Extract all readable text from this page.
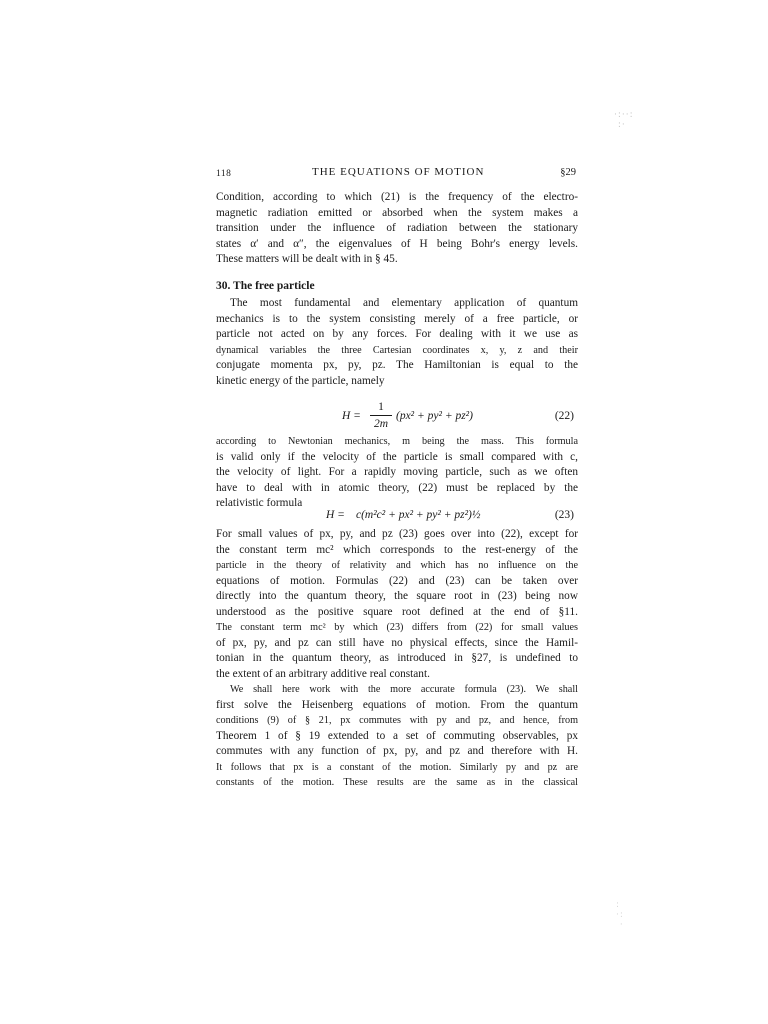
·:··:
:·
:
·:
·
118	THE EQUATIONS OF MOTION	§29
Condition, according to which (21) is the frequency of the electro-
magnetic radiation emitted or absorbed when the system makes a
transition under the influence of radiation between the stationary
states α′ and α″, the eigenvalues of H being Bohr's energy levels.
These matters will be dealt with in § 45.
30. The free particle
The most fundamental and elementary application of quantum
mechanics is to the system consisting merely of a free particle, or
particle not acted on by any forces. For dealing with it we use as
dynamical variables the three Cartesian coordinates x, y, z and their
conjugate momenta px, py, pz. The Hamiltonian is equal to the
kinetic energy of the particle, namely
H =
1
2m
(px² + py² + pz²)	(22)
according to Newtonian mechanics, m being the mass. This formula
is valid only if the velocity of the particle is small compared with c,
the velocity of light. For a rapidly moving particle, such as we often
have to deal with in atomic theory, (22) must be replaced by the
relativistic formula
H = c(m²c² + px² + py² + pz²)½	(23)
For small values of px, py, and pz (23) goes over into (22), except for
the constant term mc² which corresponds to the rest-energy of the
particle in the theory of relativity and which has no influence on the
equations of motion. Formulas (22) and (23) can be taken over
directly into the quantum theory, the square root in (23) being now
understood as the positive square root defined at the end of §11.
The constant term mc² by which (23) differs from (22) for small values
of px, py, and pz can still have no physical effects, since the Hamil-
tonian in the quantum theory, as introduced in §27, is undefined to
the extent of an arbitrary additive real constant.
We shall here work with the more accurate formula (23). We shall
first solve the Heisenberg equations of motion. From the quantum
conditions (9) of § 21, px commutes with py and pz, and hence, from
Theorem 1 of § 19 extended to a set of commuting observables, px
commutes with any function of px, py, and pz and therefore with H.
It follows that px is a constant of the motion. Similarly py and pz are
constants of the motion. These results are the same as in the classical
